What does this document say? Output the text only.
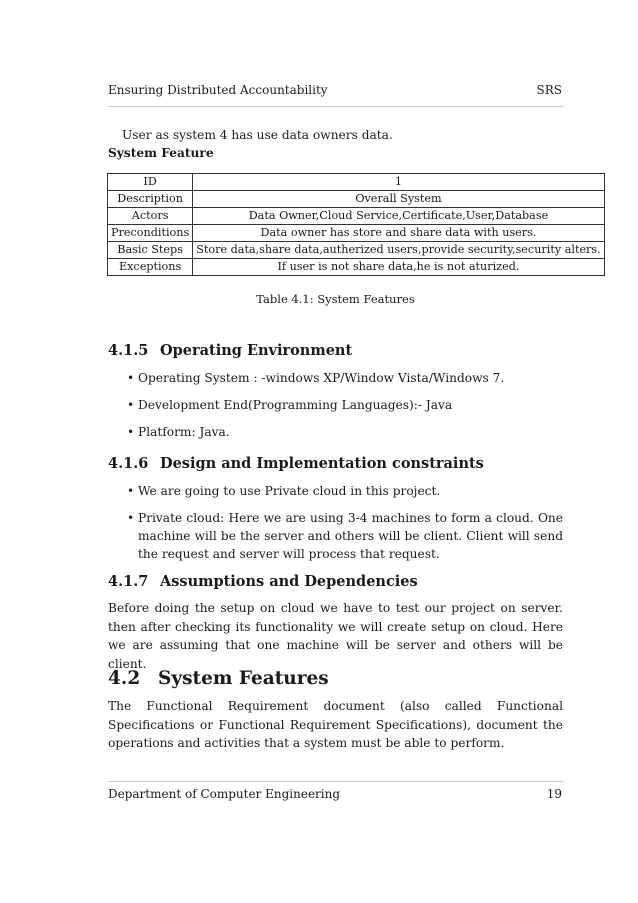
Ensuring Distributed Accountability	SRS
User as system 4 has use data owners data.
System Feature
ID	1
Description	Overall System
Actors	Data Owner,Cloud Service,Certificate,User,Database
Preconditions	Data owner has store and share data with users.
Basic Steps	Store data,share data,autherized users,provide security,security alters.
Exceptions	If user is not share data,he is not aturized.
Table 4.1: System Features
4.1.5 Operating Environment
• Operating System : -windows XP/Window Vista/Windows 7.
• Development End(Programming Languages):- Java
• Platform: Java.
4.1.6 Design and Implementation constraints
• We are going to use Private cloud in this project.
• Private cloud: Here we are using 3-4 machines to form a cloud. One machine will be the server and others will be client. Client will send the request and server will process that request.
4.1.7 Assumptions and Dependencies
Before doing the setup on cloud we have to test our project on server. then after checking its functionality we will create setup on cloud. Here we are assuming that one machine will be server and others will be client.
4.2 System Features
The Functional Requirement document (also called Functional Specifications or Functional Requirement Specifications), document the operations and activities that a system must be able to perform.
Department of Computer Engineering	19
